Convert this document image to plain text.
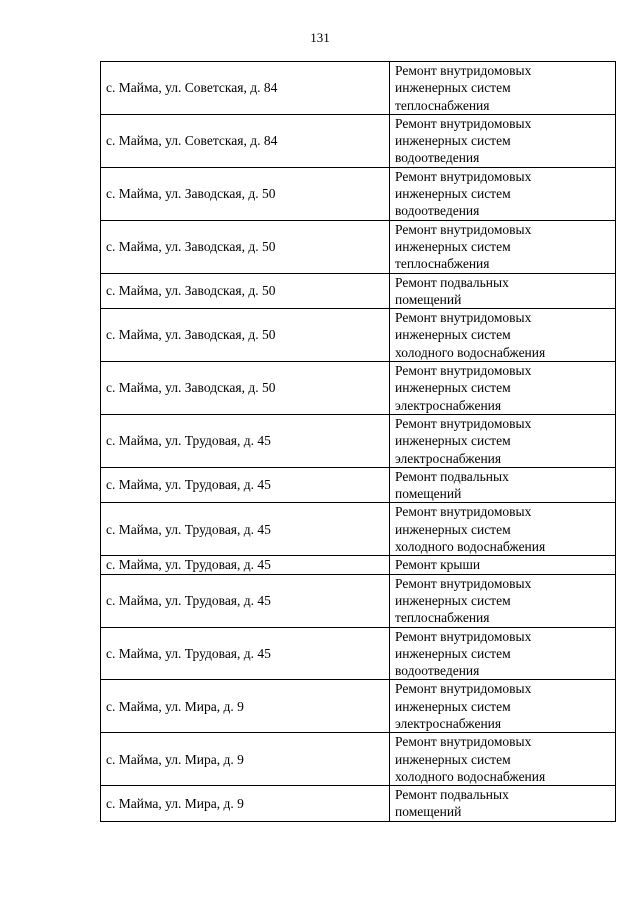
131
с. Майма, ул. Советская, д. 84	Ремонт внутридомовых
инженерных систем
теплоснабжения

с. Майма, ул. Советская, д. 84	Ремонт внутридомовых
инженерных систем
водоотведения

с. Майма, ул. Заводская, д. 50	Ремонт внутридомовых
инженерных систем
водоотведения

с. Майма, ул. Заводская, д. 50	Ремонт внутридомовых
инженерных систем
теплоснабжения

с. Майма, ул. Заводская, д. 50	Ремонт подвальных
помещений

с. Майма, ул. Заводская, д. 50	Ремонт внутридомовых
инженерных систем
холодного водоснабжения

с. Майма, ул. Заводская, д. 50	Ремонт внутридомовых
инженерных систем
электроснабжения

с. Майма, ул. Трудовая, д. 45	Ремонт внутридомовых
инженерных систем
электроснабжения

с. Майма, ул. Трудовая, д. 45	Ремонт подвальных
помещений

с. Майма, ул. Трудовая, д. 45	Ремонт внутридомовых
инженерных систем
холодного водоснабжения

с. Майма, ул. Трудовая, д. 45	Ремонт крыши

с. Майма, ул. Трудовая, д. 45	Ремонт внутридомовых
инженерных систем
теплоснабжения

с. Майма, ул. Трудовая, д. 45	Ремонт внутридомовых
инженерных систем
водоотведения

с. Майма, ул. Мира, д. 9	Ремонт внутридомовых
инженерных систем
электроснабжения

с. Майма, ул. Мира, д. 9	Ремонт внутридомовых
инженерных систем
холодного водоснабжения

с. Майма, ул. Мира, д. 9	Ремонт подвальных
помещений
